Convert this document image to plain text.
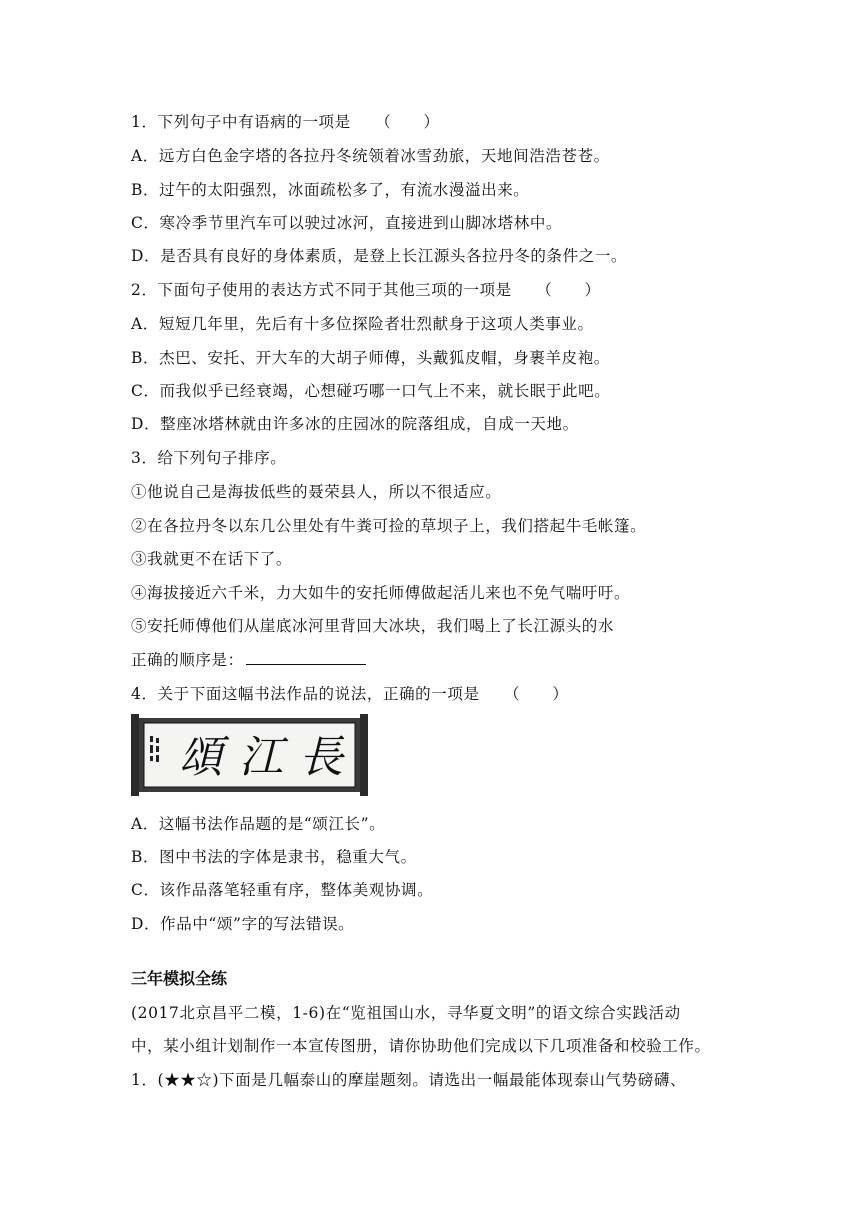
1．下列句子中有语病的一项是　　（　　）
A．远方白色金字塔的各拉丹冬统领着冰雪劲旅，天地间浩浩苍苍。
B．过午的太阳强烈，冰面疏松多了，有流水漫溢出来。
C．寒冷季节里汽车可以驶过冰河，直接进到山脚冰塔林中。
D．是否具有良好的身体素质，是登上长江源头各拉丹冬的条件之一。
2．下面句子使用的表达方式不同于其他三项的一项是　　（　　）
A．短短几年里，先后有十多位探险者壮烈献身于这项人类事业。
B．杰巴、安托、开大车的大胡子师傅，头戴狐皮帽，身裹羊皮袍。
C．而我似乎已经衰竭，心想碰巧哪一口气上不来，就长眠于此吧。
D．整座冰塔林就由许多冰的庄园冰的院落组成，自成一天地。
3．给下列句子排序。
①他说自己是海拔低些的聂荣县人，所以不很适应。
②在各拉丹冬以东几公里处有牛粪可捡的草坝子上，我们搭起牛毛帐篷。
③我就更不在话下了。
④海拔接近六千米，力大如牛的安托师傅做起活儿来也不免气喘吁吁。
⑤安托师傅他们从崖底冰河里背回大冰块，我们喝上了长江源头的水
正确的顺序是：
4．关于下面这幅书法作品的说法，正确的一项是　　（　　）
長
江
頌
A．这幅书法作品题的是“颂江长”。
B．图中书法的字体是隶书，稳重大气。
C．该作品落笔轻重有序，整体美观协调。
D．作品中“颂”字的写法错误。
三年模拟全练
(2017北京昌平二模，1-6)在“览祖国山水，寻华夏文明”的语文综合实践活动
中，某小组计划制作一本宣传图册，请你协助他们完成以下几项准备和校验工作。
1．(★★☆)下面是几幅泰山的摩崖题刻。请选出一幅最能体现泰山气势磅礴、
